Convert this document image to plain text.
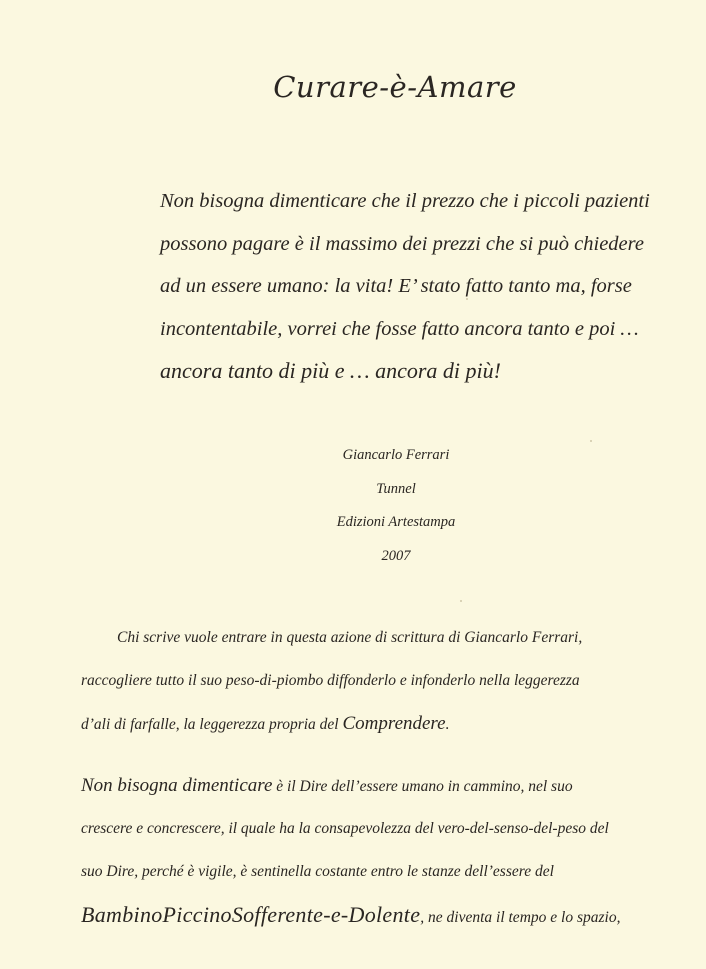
Curare-è-Amare
Non bisogna dimenticare che il prezzo che i piccoli pazienti
possono pagare è il massimo dei prezzi che si può chiedere
ad un essere umano: la vita! E’ stato fatto tanto ma, forse
incontentabile, vorrei che fosse fatto ancora tanto e poi …
ancora tanto di più e … ancora di più!
Giancarlo Ferrari
Tunnel
Edizioni Artestampa
2007
Chi scrive vuole entrare in questa azione di scrittura di Giancarlo Ferrari,
raccogliere tutto il suo peso-di-piombo diffonderlo e infonderlo nella leggerezza
d’ali di farfalle, la leggerezza propria del Comprendere.
Non bisogna dimenticare è il Dire dell’essere umano in cammino, nel suo
crescere e concrescere, il quale ha la consapevolezza del vero-del-senso-del-peso del
suo Dire, perché è vigile, è sentinella costante entro le stanze dell’essere del
BambinoPiccinoSofferente-e-Dolente, ne diventa il tempo e lo spazio,
